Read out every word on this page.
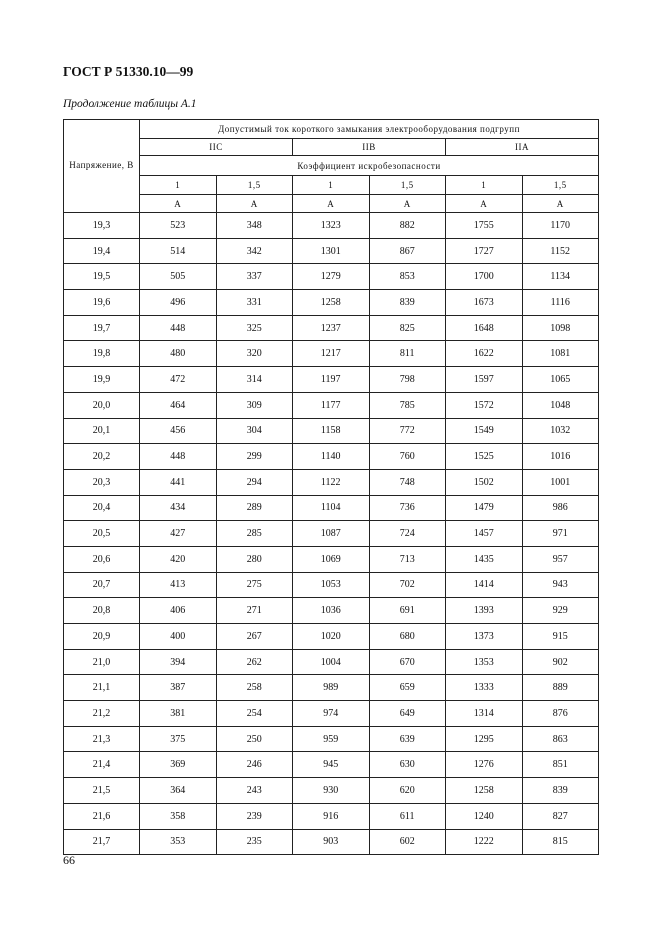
ГОСТ Р 51330.10—99
Продолжение таблицы А.1
Напряжение, В	Допустимый ток короткого замыкания электрооборудования подгрупп					
	IIC		IIB		IIA	
	Коэффициент искробезопасности					
	1	1,5	1	1,5	1	1,5
	A	A	A	A	A	A
19,3	523	348	1323	882	1755	1170
19,4	514	342	1301	867	1727	1152
19,5	505	337	1279	853	1700	1134
19,6	496	331	1258	839	1673	1116
19,7	448	325	1237	825	1648	1098
19,8	480	320	1217	811	1622	1081
19,9	472	314	1197	798	1597	1065
20,0	464	309	1177	785	1572	1048
20,1	456	304	1158	772	1549	1032
20,2	448	299	1140	760	1525	1016
20,3	441	294	1122	748	1502	1001
20,4	434	289	1104	736	1479	986
20,5	427	285	1087	724	1457	971
20,6	420	280	1069	713	1435	957
20,7	413	275	1053	702	1414	943
20,8	406	271	1036	691	1393	929
20,9	400	267	1020	680	1373	915
21,0	394	262	1004	670	1353	902
21,1	387	258	989	659	1333	889
21,2	381	254	974	649	1314	876
21,3	375	250	959	639	1295	863
21,4	369	246	945	630	1276	851
21,5	364	243	930	620	1258	839
21,6	358	239	916	611	1240	827
21,7	353	235	903	602	1222	815
66
